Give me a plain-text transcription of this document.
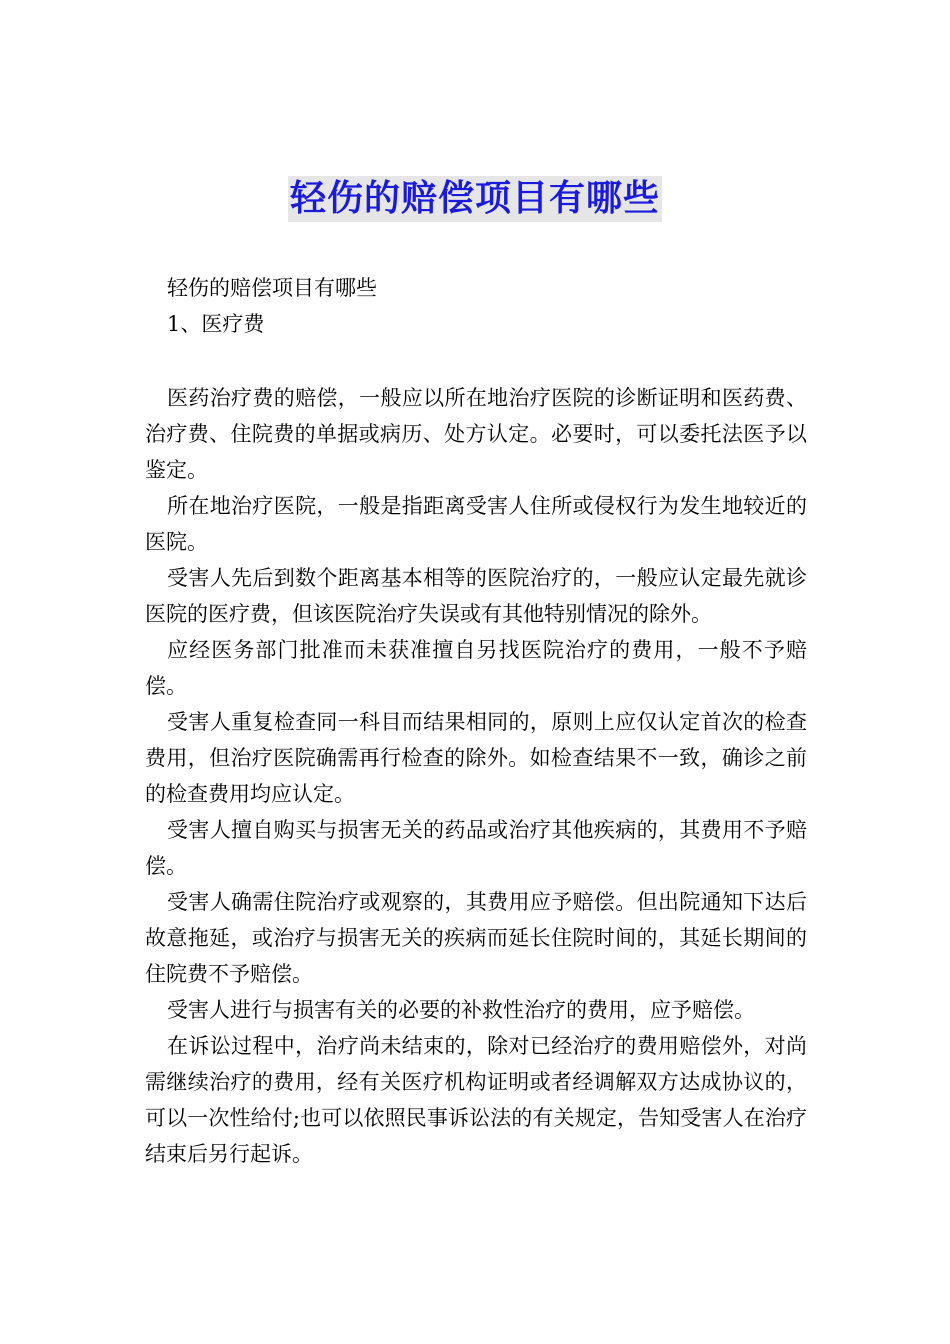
轻伤的赔偿项目有哪些

轻伤的赔偿项目有哪些

1、医疗费

医药治疗费的赔偿，一般应以所在地治疗医院的诊断证明和医药费、治疗费、住院费的单据或病历、处方认定。必要时，可以委托法医予以鉴定。

所在地治疗医院，一般是指距离受害人住所或侵权行为发生地较近的医院。

受害人先后到数个距离基本相等的医院治疗的，一般应认定最先就诊医院的医疗费，但该医院治疗失误或有其他特别情况的除外。

应经医务部门批准而未获准擅自另找医院治疗的费用，一般不予赔偿。

受害人重复检查同一科目而结果相同的，原则上应仅认定首次的检查费用，但治疗医院确需再行检查的除外。如检查结果不一致，确诊之前的检查费用均应认定。

受害人擅自购买与损害无关的药品或治疗其他疾病的，其费用不予赔偿。

受害人确需住院治疗或观察的，其费用应予赔偿。但出院通知下达后故意拖延，或治疗与损害无关的疾病而延长住院时间的，其延长期间的住院费不予赔偿。

受害人进行与损害有关的必要的补救性治疗的费用，应予赔偿。

在诉讼过程中，治疗尚未结束的，除对已经治疗的费用赔偿外，对尚需继续治疗的费用，经有关医疗机构证明或者经调解双方达成协议的，可以一次性给付;也可以依照民事诉讼法的有关规定，告知受害人在治疗结束后另行起诉。
